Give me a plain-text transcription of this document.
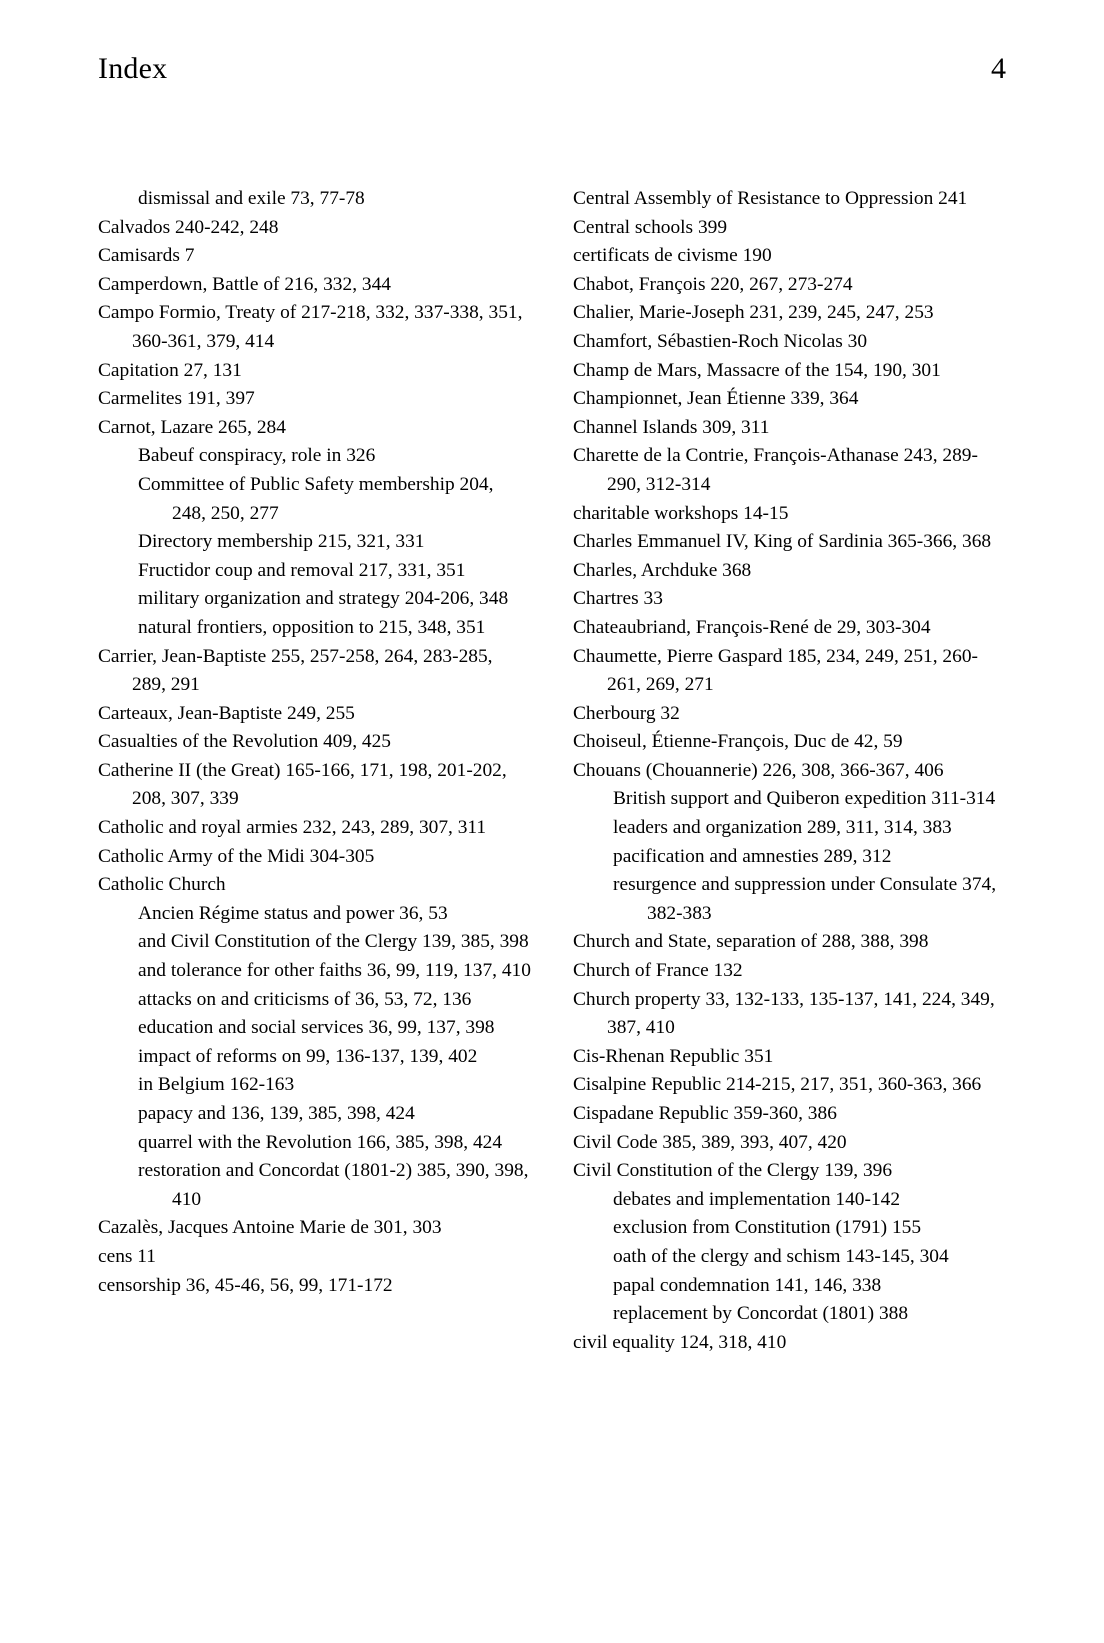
Index	4

dismissal and exile 73, 77-78

Calvados 240-242, 248

Camisards 7

Camperdown, Battle of 216, 332, 344

Campo Formio, Treaty of 217-218, 332, 337-338, 351, 360-361, 379, 414

Capitation 27, 131

Carmelites 191, 397

Carnot, Lazare 265, 284

Babeuf conspiracy, role in 326

Committee of Public Safety membership 204, 248, 250, 277

Directory membership 215, 321, 331

Fructidor coup and removal 217, 331, 351

military organization and strategy 204-206, 348

natural frontiers, opposition to 215, 348, 351

Carrier, Jean-Baptiste 255, 257-258, 264, 283-285, 289, 291

Carteaux, Jean-Baptiste 249, 255

Casualties of the Revolution 409, 425

Catherine II (the Great) 165-166, 171, 198, 201-202, 208, 307, 339

Catholic and royal armies 232, 243, 289, 307, 311

Catholic Army of the Midi 304-305

Catholic Church

Ancien Régime status and power 36, 53

and Civil Constitution of the Clergy 139, 385, 398

and tolerance for other faiths 36, 99, 119, 137, 410

attacks on and criticisms of 36, 53, 72, 136

education and social services 36, 99, 137, 398

impact of reforms on 99, 136-137, 139, 402

in Belgium 162-163

papacy and 136, 139, 385, 398, 424

quarrel with the Revolution 166, 385, 398, 424

restoration and Concordat (1801-2) 385, 390, 398, 410

Cazalès, Jacques Antoine Marie de 301, 303

cens 11

censorship 36, 45-46, 56, 99, 171-172

Central Assembly of Resistance to Oppression 241

Central schools 399

certificats de civisme 190

Chabot, François 220, 267, 273-274

Chalier, Marie-Joseph 231, 239, 245, 247, 253

Chamfort, Sébastien-Roch Nicolas 30

Champ de Mars, Massacre of the 154, 190, 301

Championnet, Jean Étienne 339, 364

Channel Islands 309, 311

Charette de la Contrie, François-Athanase 243, 289-290, 312-314

charitable workshops 14-15

Charles Emmanuel IV, King of Sardinia 365-366, 368

Charles, Archduke 368

Chartres 33

Chateaubriand, François-René de 29, 303-304

Chaumette, Pierre Gaspard 185, 234, 249, 251, 260-261, 269, 271

Cherbourg 32

Choiseul, Étienne-François, Duc de 42, 59

Chouans (Chouannerie) 226, 308, 366-367, 406

British support and Quiberon expedition 311-314

leaders and organization 289, 311, 314, 383

pacification and amnesties 289, 312

resurgence and suppression under Consulate 374, 382-383

Church and State, separation of 288, 388, 398

Church of France 132

Church property 33, 132-133, 135-137, 141, 224, 349, 387, 410

Cis-Rhenan Republic 351

Cisalpine Republic 214-215, 217, 351, 360-363, 366

Cispadane Republic 359-360, 386

Civil Code 385, 389, 393, 407, 420

Civil Constitution of the Clergy 139, 396

debates and implementation 140-142

exclusion from Constitution (1791) 155

oath of the clergy and schism 143-145, 304

papal condemnation 141, 146, 338

replacement by Concordat (1801) 388

civil equality 124, 318, 410
